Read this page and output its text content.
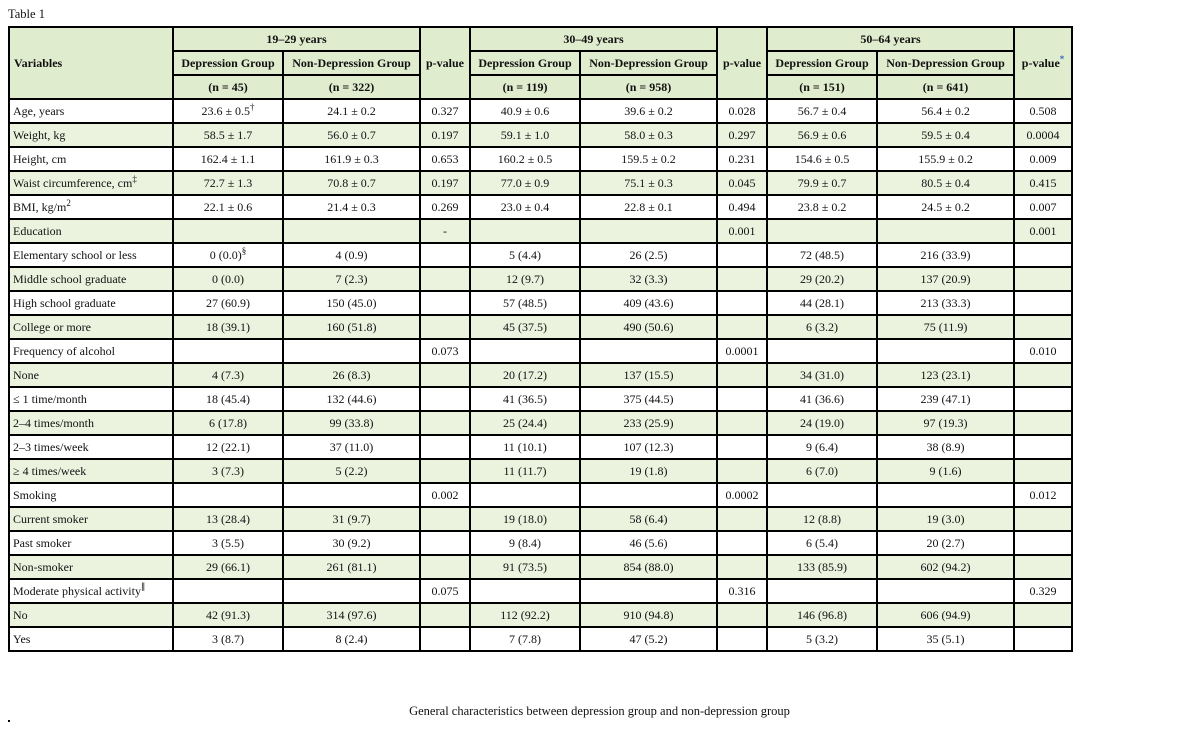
Table 1
Variables	19–29 years		p-value	30–49 years		p-value	50–64 years		p-value*
	Depression Group	Non-Depression Group		Depression Group	Non-Depression Group		Depression Group	Non-Depression Group	
	(n = 45)	(n = 322)		(n = 119)	(n = 958)		(n = 151)	(n = 641)	
Age, years	23.6 ± 0.5†	24.1 ± 0.2	0.327	40.9 ± 0.6	39.6 ± 0.2	0.028	56.7 ± 0.4	56.4 ± 0.2	0.508
Weight, kg	58.5 ± 1.7	56.0 ± 0.7	0.197	59.1 ± 1.0	58.0 ± 0.3	0.297	56.9 ± 0.6	59.5 ± 0.4	0.0004
Height, cm	162.4 ± 1.1	161.9 ± 0.3	0.653	160.2 ± 0.5	159.5 ± 0.2	0.231	154.6 ± 0.5	155.9 ± 0.2	0.009
Waist circumference, cm‡	72.7 ± 1.3	70.8 ± 0.7	0.197	77.0 ± 0.9	75.1 ± 0.3	0.045	79.9 ± 0.7	80.5 ± 0.4	0.415
BMI, $kg/m^2$	22.1 ± 0.6	21.4 ± 0.3	0.269	23.0 ± 0.4	22.8 ± 0.1	0.494	23.8 ± 0.2	24.5 ± 0.2	0.007
Education			-			0.001			0.001
Elementary school or less	0 (0.0)§	4 (0.9)		5 (4.4)	26 (2.5)		72 (48.5)	216 (33.9)	
Middle school graduate	0 (0.0)	7 (2.3)		12 (9.7)	32 (3.3)		29 (20.2)	137 (20.9)	
High school graduate	27 (60.9)	150 (45.0)		57 (48.5)	409 (43.6)		44 (28.1)	213 (33.3)	
College or more	18 (39.1)	160 (51.8)		45 (37.5)	490 (50.6)		6 (3.2)	75 (11.9)	
Frequency of alcohol			0.073			0.0001			0.010
None	4 (7.3)	26 (8.3)		20 (17.2)	137 (15.5)		34 (31.0)	123 (23.1)	
≤ 1 time/month	18 (45.4)	132 (44.6)		41 (36.5)	375 (44.5)		41 (36.6)	239 (47.1)	
2–4 times/month	6 (17.8)	99 (33.8)		25 (24.4)	233 (25.9)		24 (19.0)	97 (19.3)	
2–3 times/week	12 (22.1)	37 (11.0)		11 (10.1)	107 (12.3)		9 (6.4)	38 (8.9)	
≥ 4 times/week	3 (7.3)	5 (2.2)		11 (11.7)	19 (1.8)		6 (7.0)	9 (1.6)	
Smoking			0.002			0.0002			0.012
Current smoker	13 (28.4)	31 (9.7)		19 (18.0)	58 (6.4)		12 (8.8)	19 (3.0)	
Past smoker	3 (5.5)	30 (9.2)		9 (8.4)	46 (5.6)		6 (5.4)	20 (2.7)	
Non-smoker	29 (66.1)	261 (81.1)		91 (73.5)	854 (88.0)		133 (85.9)	602 (94.2)	
Moderate physical activity∥			0.075			0.316			0.329
No	42 (91.3)	314 (97.6)		112 (92.2)	910 (94.8)		146 (96.8)	606 (94.9)	
Yes	3 (8.7)	8 (2.4)		7 (7.8)	47 (5.2)		5 (3.2)	35 (5.1)	
General characteristics between depression group and non-depression group
